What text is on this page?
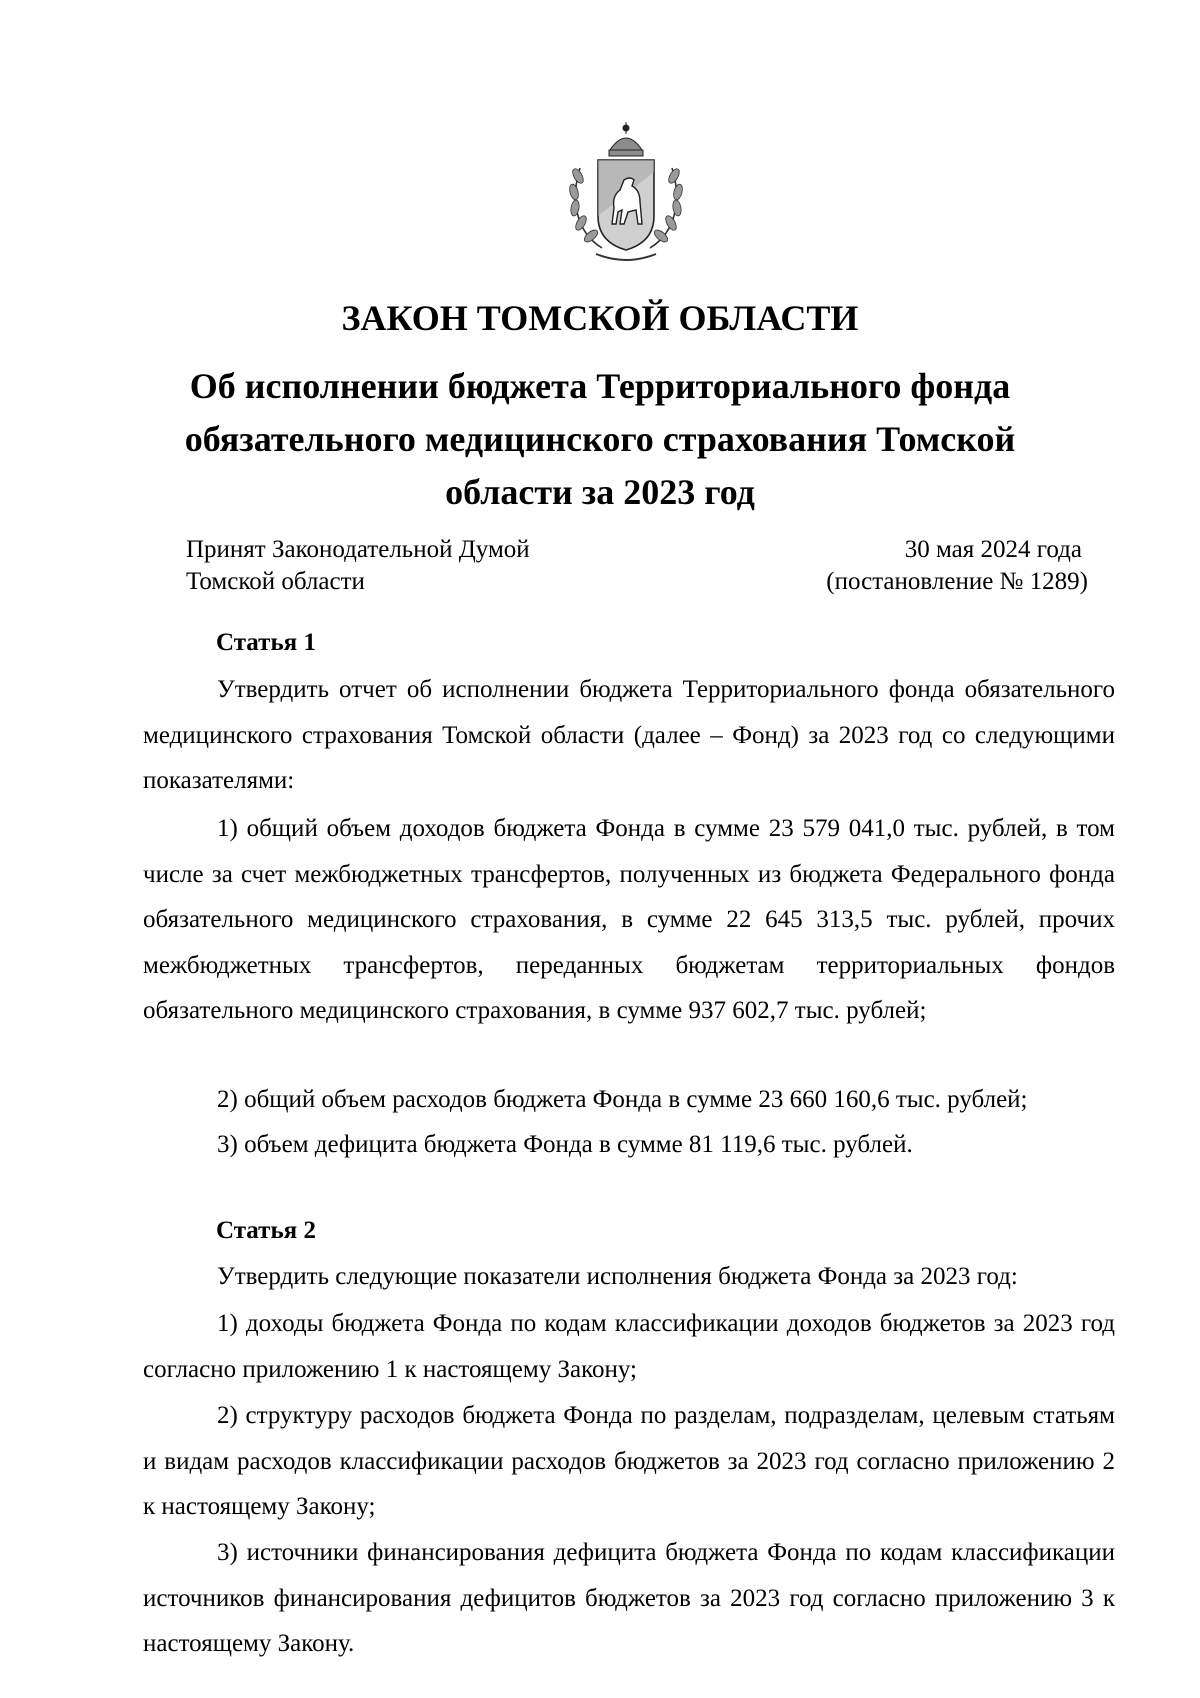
ЗАКОН ТОМСКОЙ ОБЛАСТИ
Об исполнении бюджета Территориального фонда обязательного медицинского страхования Томской области за 2023 год
Принят Законодательной Думой
Томской области
30 мая 2024 года
(постановление № 1289)
Статья 1

Утвердить отчет об исполнении бюджета Территориального фонда обязательного медицинского страхования Томской области (далее – Фонд) за 2023 год со следующими показателями:

1) общий объем доходов бюджета Фонда в сумме 23 579 041,0 тыс. рублей, в том числе за счет межбюджетных трансфертов, полученных из бюджета Федерального фонда обязательного медицинского страхования, в сумме 22 645 313,5 тыс. рублей, прочих межбюджетных трансфертов, переданных бюджетам территориальных фондов обязательного медицинского страхования, в сумме 937 602,7 тыс. рублей;

2) общий объем расходов бюджета Фонда в сумме 23 660 160,6 тыс. рублей;

3) объем дефицита бюджета Фонда в сумме 81 119,6 тыс. рублей.

Статья 2

Утвердить следующие показатели исполнения бюджета Фонда за 2023 год:

1) доходы бюджета Фонда по кодам классификации доходов бюджетов за 2023 год согласно приложению 1 к настоящему Закону;

2) структуру расходов бюджета Фонда по разделам, подразделам, целевым статьям и видам расходов классификации расходов бюджетов за 2023 год согласно приложению 2 к настоящему Закону;

3) источники финансирования дефицита бюджета Фонда по кодам классификации источников финансирования дефицитов бюджетов за 2023 год согласно приложению 3 к настоящему Закону.
